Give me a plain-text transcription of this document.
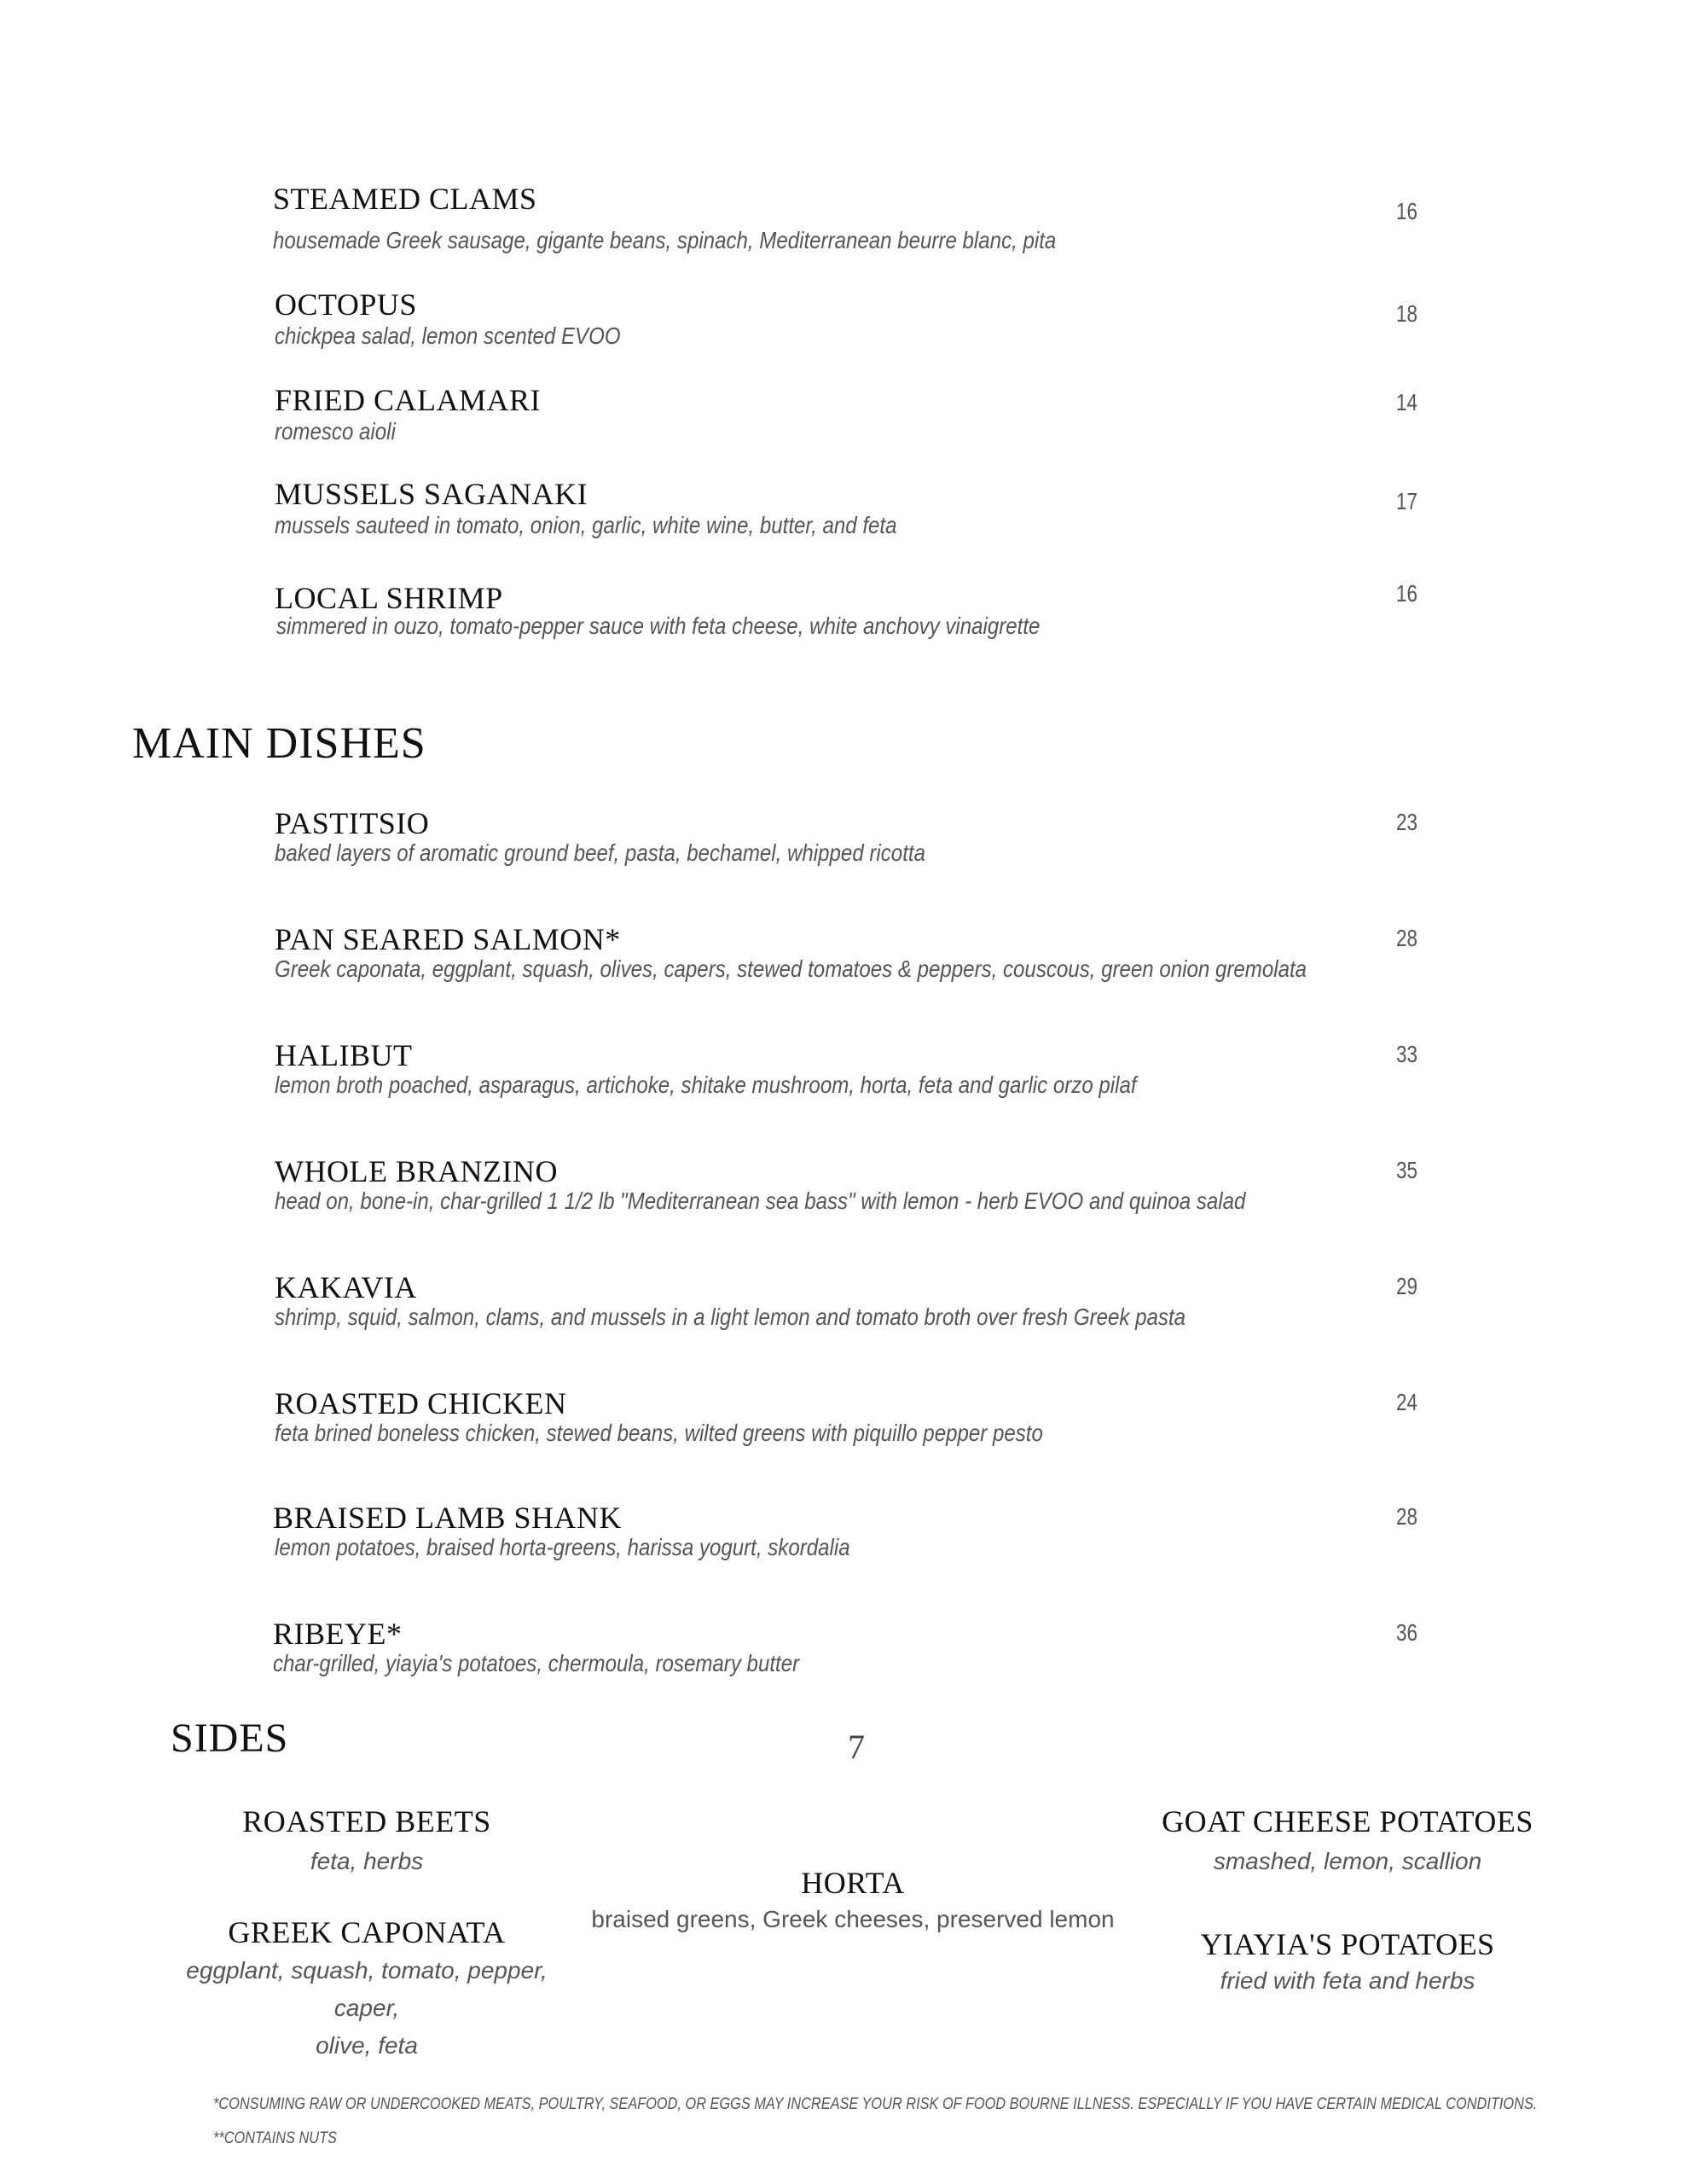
STEAMED CLAMS
housemade Greek sausage, gigante beans, spinach, Mediterranean beurre blanc, pita
16
OCTOPUS
chickpea salad, lemon scented EVOO
18
FRIED CALAMARI
romesco aioli
14
MUSSELS SAGANAKI
mussels sauteed in tomato, onion, garlic, white wine, butter, and feta
17
LOCAL SHRIMP
simmered in ouzo, tomato-pepper sauce with feta cheese, white anchovy vinaigrette
16
MAIN DISHES
PASTITSIO
baked layers of aromatic ground beef, pasta, bechamel, whipped ricotta
23
PAN SEARED SALMON*
Greek caponata, eggplant, squash, olives, capers, stewed tomatoes & peppers, couscous, green onion gremolata
28
HALIBUT
lemon broth poached, asparagus, artichoke, shitake mushroom, horta, feta and garlic orzo pilaf
33
WHOLE BRANZINO
head on, bone-in, char-grilled 1 1/2 lb "Mediterranean sea bass" with lemon - herb EVOO and quinoa salad
35
KAKAVIA
shrimp, squid, salmon, clams, and mussels in a light lemon and tomato broth over fresh Greek pasta
29
ROASTED CHICKEN
feta brined boneless chicken, stewed beans, wilted greens with piquillo pepper pesto
24
BRAISED LAMB SHANK
lemon potatoes, braised horta-greens, harissa yogurt, skordalia
28
RIBEYE*
char-grilled, yiayia's potatoes, chermoula, rosemary butter
36
SIDES	7
ROASTED BEETS
feta, herbs
GREEK CAPONATA
eggplant, squash, tomato, pepper, caper,
olive, feta
HORTA
braised greens, Greek cheeses, preserved lemon
GOAT CHEESE POTATOES
smashed, lemon, scallion
YIAYIA'S POTATOES
fried with feta and herbs
*CONSUMING RAW OR UNDERCOOKED MEATS, POULTRY, SEAFOOD, OR EGGS MAY INCREASE YOUR RISK OF FOOD BOURNE ILLNESS. ESPECIALLY IF YOU HAVE CERTAIN MEDICAL CONDITIONS.
**CONTAINS NUTS
